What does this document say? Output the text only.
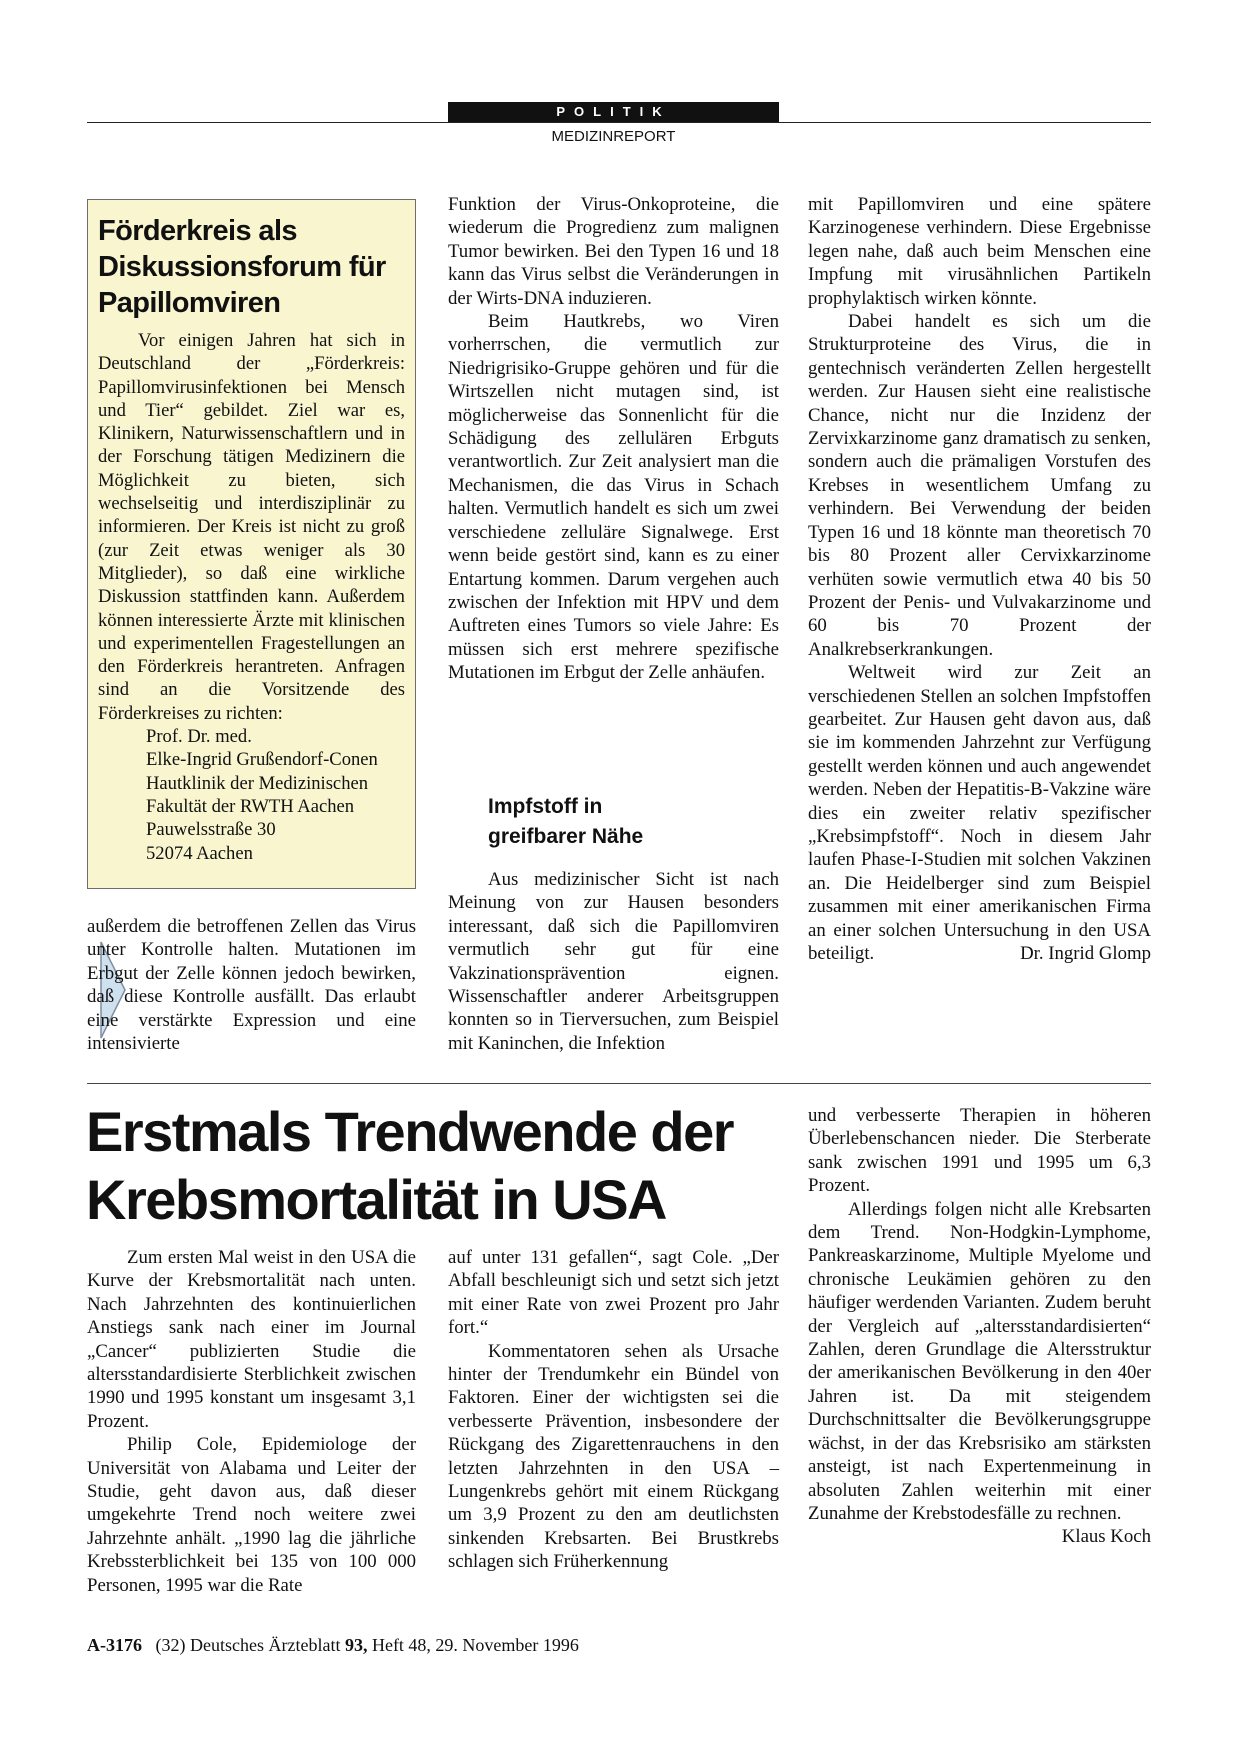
POLITIK
MEDIZINREPORT
Förderkreis als
Diskussionsforum für
Papillomviren

Vor einigen Jahren hat sich in Deutschland der „Förderkreis: Papillomvirusinfektionen bei Mensch und Tier“ gebildet. Ziel war es, Klinikern, Naturwissenschaftlern und in der Forschung tätigen Medizinern die Möglichkeit zu bieten, sich wechselseitig und interdisziplinär zu informieren. Der Kreis ist nicht zu groß (zur Zeit etwas weniger als 30 Mitglieder), so daß eine wirkliche Diskussion stattfinden kann. Außerdem können interessierte Ärzte mit klinischen und experimentellen Fragestellungen an den Förderkreis herantreten. Anfragen sind an die Vorsitzende des Förderkreises zu richten:

Prof. Dr. med.
Elke-Ingrid Grußendorf-Conen
Hautklinik der Medizinischen
Fakultät der RWTH Aachen
Pauwelsstraße 30
52074 Aachen

außerdem die betroffenen Zellen das Virus unter Kontrolle halten. Mutationen im Erbgut der Zelle können jedoch bewirken, daß diese Kontrolle ausfällt. Das erlaubt eine verstärkte Expression und eine intensivierte

Funktion der Virus-Onkoproteine, die wiederum die Progredienz zum malignen Tumor bewirken. Bei den Typen 16 und 18 kann das Virus selbst die Veränderungen in der Wirts-DNA induzieren.

Beim Hautkrebs, wo Viren vorherrschen, die vermutlich zur Niedrigrisiko-Gruppe gehören und für die Wirtszellen nicht mutagen sind, ist möglicherweise das Sonnenlicht für die Schädigung des zellulären Erbguts verantwortlich. Zur Zeit analysiert man die Mechanismen, die das Virus in Schach halten. Vermutlich handelt es sich um zwei verschiedene zelluläre Signalwege. Erst wenn beide gestört sind, kann es zu einer Entartung kommen. Darum vergehen auch zwischen der Infektion mit HPV und dem Auftreten eines Tumors so viele Jahre: Es müssen sich erst mehrere spezifische Mutationen im Erbgut der Zelle anhäufen.

Impfstoff in
greifbarer Nähe

Aus medizinischer Sicht ist nach Meinung von zur Hausen besonders interessant, daß sich die Papillomviren vermutlich sehr gut für eine Vakzinationsprävention eignen. Wissenschaftler anderer Arbeitsgruppen konnten so in Tierversuchen, zum Beispiel mit Kaninchen, die Infektion

mit Papillomviren und eine spätere Karzinogenese verhindern. Diese Ergebnisse legen nahe, daß auch beim Menschen eine Impfung mit virusähnlichen Partikeln prophylaktisch wirken könnte.

Dabei handelt es sich um die Strukturproteine des Virus, die in gentechnisch veränderten Zellen hergestellt werden. Zur Hausen sieht eine realistische Chance, nicht nur die Inzidenz der Zervixkarzinome ganz dramatisch zu senken, sondern auch die prämaligen Vorstufen des Krebses in wesentlichem Umfang zu verhindern. Bei Verwendung der beiden Typen 16 und 18 könnte man theoretisch 70 bis 80 Prozent aller Cervixkarzinome verhüten sowie vermutlich etwa 40 bis 50 Prozent der Penis- und Vulvakarzinome und 60 bis 70 Prozent der Analkrebserkrankungen.

Weltweit wird zur Zeit an verschiedenen Stellen an solchen Impfstoffen gearbeitet. Zur Hausen geht davon aus, daß sie im kommenden Jahrzehnt zur Verfügung gestellt werden können und auch angewendet werden. Neben der Hepatitis-B-Vakzine wäre dies ein zweiter relativ spezifischer „Krebsimpfstoff“. Noch in diesem Jahr laufen Phase-I-Studien mit solchen Vakzinen an. Die Heidelberger sind zum Beispiel zusammen mit einer amerikanischen Firma an einer solchen Untersuchung in den USA beteiligt.	Dr. Ingrid Glomp

Erstmals Trendwende der
Krebsmortalität in USA

Zum ersten Mal weist in den USA die Kurve der Krebsmortalität nach unten. Nach Jahrzehnten des kontinuierlichen Anstiegs sank nach einer im Journal „Cancer“ publizierten Studie die altersstandardisierte Sterblichkeit zwischen 1990 und 1995 konstant um insgesamt 3,1 Prozent.

Philip Cole, Epidemiologe der Universität von Alabama und Leiter der Studie, geht davon aus, daß dieser umgekehrte Trend noch weitere zwei Jahrzehnte anhält. „1990 lag die jährliche Krebssterblichkeit bei 135 von 100 000 Personen, 1995 war die Rate

auf unter 131 gefallen“, sagt Cole. „Der Abfall beschleunigt sich und setzt sich jetzt mit einer Rate von zwei Prozent pro Jahr fort.“

Kommentatoren sehen als Ursache hinter der Trendumkehr ein Bündel von Faktoren. Einer der wichtigsten sei die verbesserte Prävention, insbesondere der Rückgang des Zigarettenrauchens in den letzten Jahrzehnten in den USA – Lungenkrebs gehört mit einem Rückgang um 3,9 Prozent zu den am deutlichsten sinkenden Krebsarten. Bei Brustkrebs schlagen sich Früherkennung

und verbesserte Therapien in höheren Überlebenschancen nieder. Die Sterberate sank zwischen 1991 und 1995 um 6,3 Prozent.

Allerdings folgen nicht alle Krebsarten dem Trend. Non-Hodgkin-Lymphome, Pankreaskarzinome, Multiple Myelome und chronische Leukämien gehören zu den häufiger werdenden Varianten. Zudem beruht der Vergleich auf „altersstandardisierten“ Zahlen, deren Grundlage die Altersstruktur der amerikanischen Bevölkerung in den 40er Jahren ist. Da mit steigendem Durchschnittsalter die Bevölkerungsgruppe wächst, in der das Krebsrisiko am stärksten ansteigt, ist nach Expertenmeinung in absoluten Zahlen weiterhin mit einer Zunahme der Krebstodesfälle zu rechnen.
Klaus Koch

A-3176 (32) Deutsches Ärzteblatt 93, Heft 48, 29. November 1996
